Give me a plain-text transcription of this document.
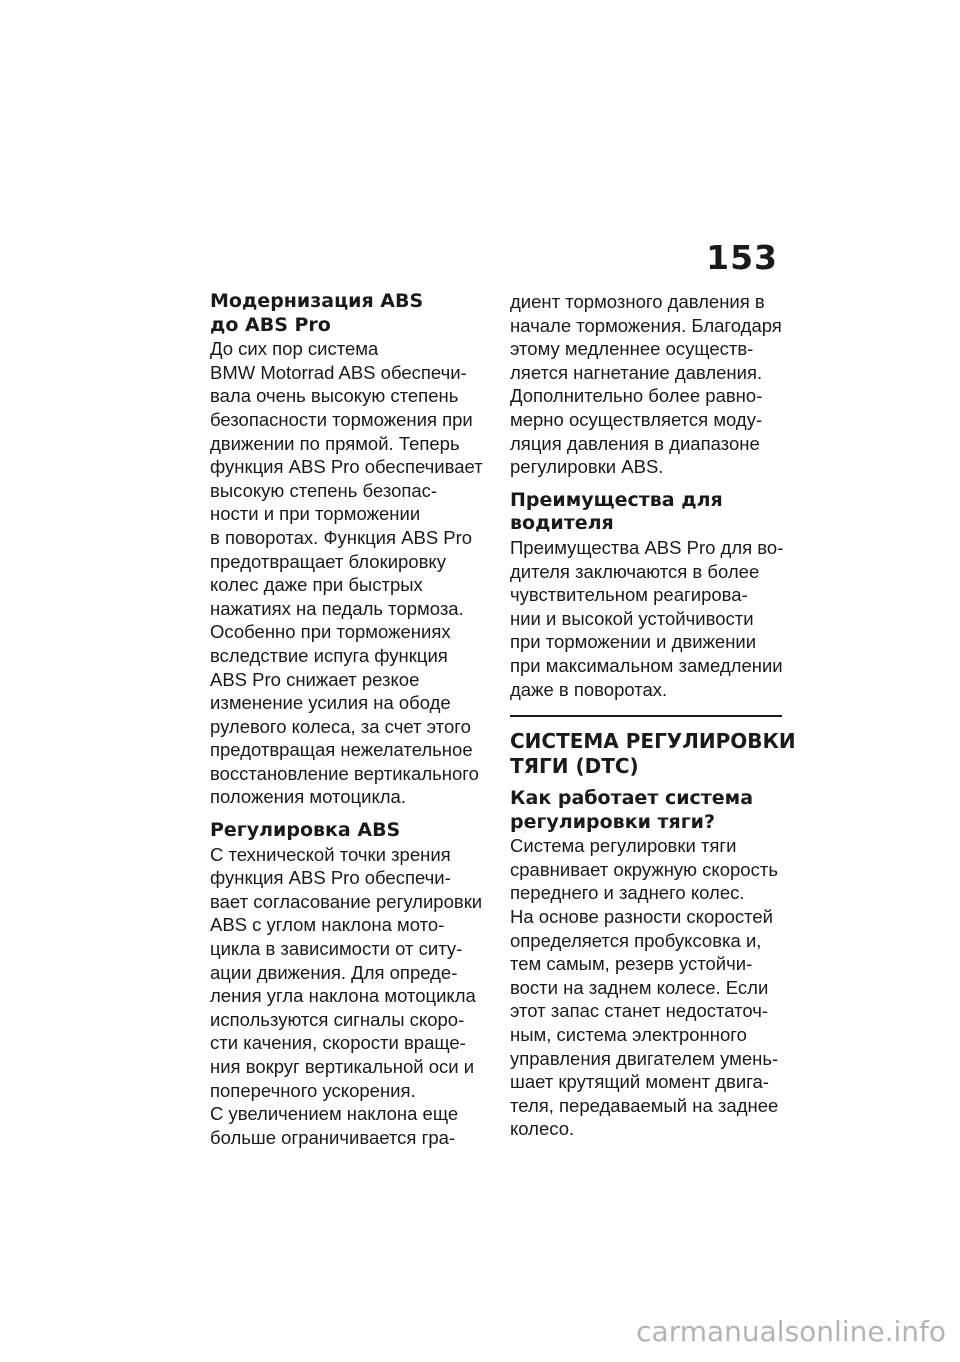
153
Модернизация ABS
до ABS Pro
До сих пор система
BMW Motorrad ABS обеспечи-
вала очень высокую степень
безопасности торможения при
движении по прямой. Теперь
функция ABS Pro обеспечивает
высокую степень безопас-
ности и при торможении
в поворотах. Функция ABS Pro
предотвращает блокировку
колес даже при быстрых
нажатиях на педаль тормоза.
Особенно при торможениях
вследствие испуга функция
ABS Pro снижает резкое
изменение усилия на ободе
рулевого колеса, за счет этого
предотвращая нежелательное
восстановление вертикального
положения мотоцикла.
Регулировка ABS
С технической точки зрения
функция ABS Pro обеспечи-
вает согласование регулировки
ABS с углом наклона мото-
цикла в зависимости от ситу-
ации движения. Для опреде-
ления угла наклона мотоцикла
используются сигналы скоро-
сти качения, скорости враще-
ния вокруг вертикальной оси и
поперечного ускорения.
С увеличением наклона еще
больше ограничивается гра-
диент тормозного давления в
начале торможения. Благодаря
этому медленнее осуществ-
ляется нагнетание давления.
Дополнительно более равно-
мерно осуществляется моду-
ляция давления в диапазоне
регулировки ABS.
Преимущества для
водителя
Преимущества ABS Pro для во-
дителя заключаются в более
чувствительном реагирова-
нии и высокой устойчивости
при торможении и движении
при максимальном замедлении
даже в поворотах.
СИСТЕМА РЕГУЛИРОВКИ
ТЯГИ (DTC)
Как работает система
регулировки тяги?
Система регулировки тяги
сравнивает окружную скорость
переднего и заднего колес.
На основе разности скоростей
определяется пробуксовка и,
тем самым, резерв устойчи-
вости на заднем колесе. Если
этот запас станет недостаточ-
ным, система электронного
управления двигателем умень-
шает крутящий момент двига-
теля, передаваемый на заднее
колесо.
carmanualsonline.info
